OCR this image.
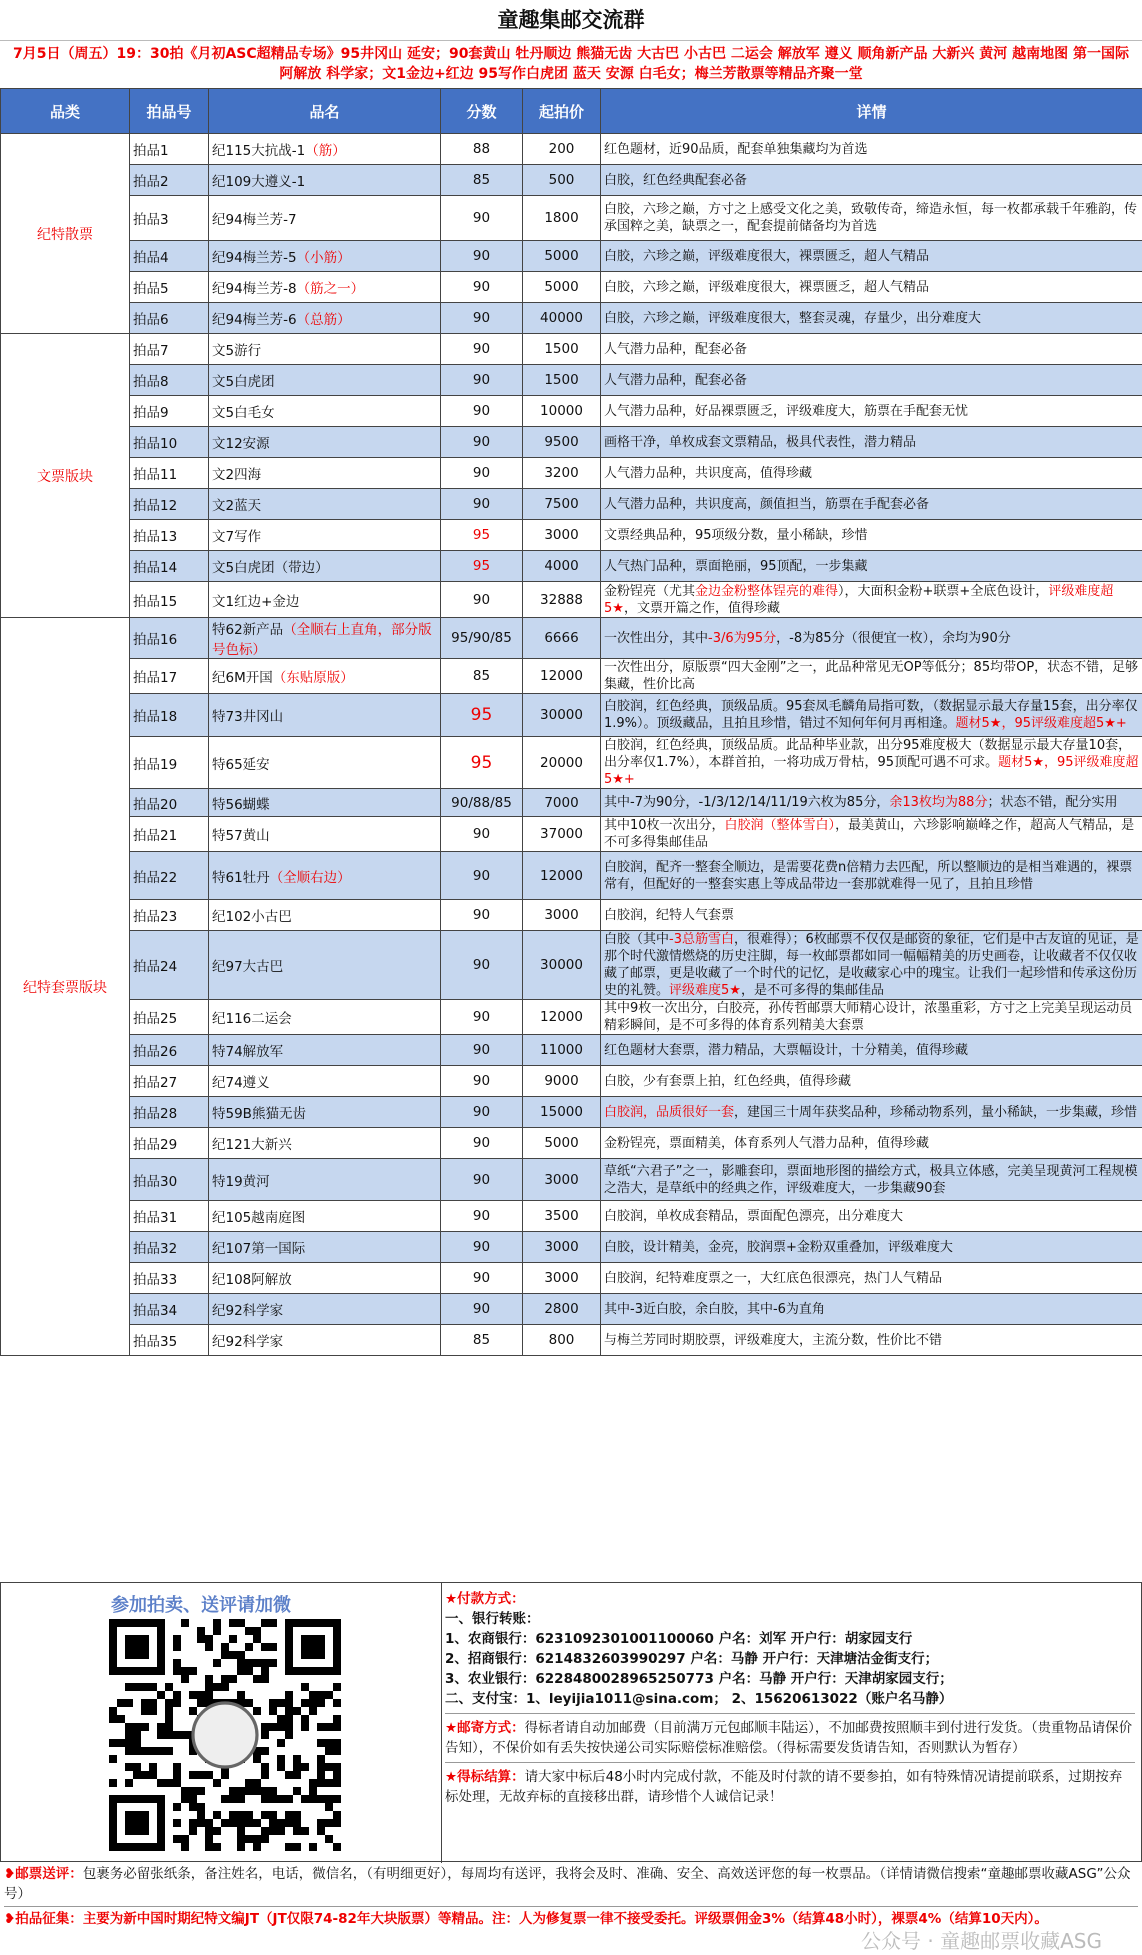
童趣集邮交流群
7月5日（周五）19：30拍《月初ASC超精品专场》95井冈山 延安；90套黄山 牡丹顺边 熊猫无齿 大古巴 小古巴 二运会 解放军 遵义 顺角新产品 大新兴 黄河 越南地图 第一国际 阿解放 科学家；文1金边+红边 95写作白虎团 蓝天 安源 白毛女；梅兰芳散票等精品齐聚一堂
品类	拍品号	品名	分数	起拍价	详情
纪特散票	拍品1	纪115大抗战-1（筋）	88	200	红色题材，近90品质，配套单独集藏均为首选
	拍品2	纪109大遵义-1	85	500	白胶，红色经典配套必备
	拍品3	纪94梅兰芳-7	90	1800	白胶，六珍之巅，方寸之上感受文化之美，致敬传奇，缔造永恒，每一枚都承载千年雅韵，传承国粹之美，缺票之一，配套提前储备均为首选
	拍品4	纪94梅兰芳-5（小筋）	90	5000	白胶，六珍之巅，评级难度很大，裸票匮乏，超人气精品
	拍品5	纪94梅兰芳-8（筋之一）	90	5000	白胶，六珍之巅，评级难度很大，裸票匮乏，超人气精品
	拍品6	纪94梅兰芳-6（总筋）	90	40000	白胶，六珍之巅，评级难度很大，整套灵魂，存量少，出分难度大
文票版块	拍品7	文5游行	90	1500	人气潜力品种，配套必备
	拍品8	文5白虎团	90	1500	人气潜力品种，配套必备
	拍品9	文5白毛女	90	10000	人气潜力品种，好品裸票匮乏，评级难度大，筋票在手配套无忧
	拍品10	文12安源	90	9500	画格干净，单枚成套文票精品，极具代表性，潜力精品
	拍品11	文2四海	90	3200	人气潜力品种，共识度高，值得珍藏
	拍品12	文2蓝天	90	7500	人气潜力品种，共识度高，颜值担当，筋票在手配套必备
	拍品13	文7写作	95	3000	文票经典品种，95项级分数，量小稀缺，珍惜
	拍品14	文5白虎团（带边）	95	4000	人气热门品种，票面艳丽，95顶配，一步集藏
	拍品15	文1红边+金边	90	32888	金粉锃亮（尤其金边金粉整体锃亮的难得），大面积金粉+联票+全底色设计，评级难度超5★，文票开篇之作，值得珍藏
纪特套票版块	拍品16	特62新产品（全顺右上直角，部分版号色标）	95/90/85	6666	一次性出分，其中-3/6为95分，-8为85分（很便宜一枚），余均为90分
	拍品17	纪6M开国（东贴原版）	85	12000	一次性出分，原版票“四大金刚”之一，此品种常见无OP等低分；85均带OP，状态不错，足够集藏，性价比高
	拍品18	特73井冈山	95	30000	白胶润，红色经典，顶级品质。95套凤毛麟角局指可数，（数据显示最大存量15套，出分率仅1.9%）。顶级藏品，且拍且珍惜，错过不知何年何月再相逢。题材5★，95评级难度超5★+
	拍品19	特65延安	95	20000	白胶润，红色经典，顶级品质。此品种毕业款，出分95难度极大（数据显示最大存量10套，出分率仅1.7%），本群首拍，一将功成万骨枯，95顶配可遇不可求。题材5★，95评级难度超5★+
	拍品20	特56蝴蝶	90/88/85	7000	其中-7为90分，-1/3/12/14/11/19六枚为85分，余13枚均为88分；状态不错，配分实用
	拍品21	特57黄山	90	37000	其中10枚一次出分，白胶润（整体雪白），最美黄山，六珍影响巅峰之作，超高人气精品，是不可多得集邮佳品
	拍品22	特61牡丹（全顺右边）	90	12000	白胶润，配齐一整套全顺边，是需要花费n倍精力去匹配，所以整顺边的是相当难遇的，裸票常有，但配好的一整套实惠上等成品带边一套那就难得一见了，且拍且珍惜
	拍品23	纪102小古巴	90	3000	白胶润，纪特人气套票
	拍品24	纪97大古巴	90	30000	白胶（其中-3总筋雪白，很难得）；6枚邮票不仅仅是邮资的象征，它们是中古友谊的见证，是那个时代激情燃烧的历史注脚，每一枚邮票都如同一幅幅精美的历史画卷，让收藏者不仅仅收藏了邮票，更是收藏了一个时代的记忆，是收藏家心中的瑰宝。让我们一起珍惜和传承这份历史的礼赞。评级难度5★，是不可多得的集邮佳品
	拍品25	纪116二运会	90	12000	其中9枚一次出分，白胶亮，孙传哲邮票大师精心设计，浓墨重彩，方寸之上完美呈现运动员精彩瞬间，是不可多得的体育系列精美大套票
	拍品26	特74解放军	90	11000	红色题材大套票，潜力精品，大票幅设计，十分精美，值得珍藏
	拍品27	纪74遵义	90	9000	白胶，少有套票上拍，红色经典，值得珍藏
	拍品28	特59B熊猫无齿	90	15000	白胶润，品质很好一套，建国三十周年获奖品种，珍稀动物系列，量小稀缺，一步集藏，珍惜
	拍品29	纪121大新兴	90	5000	金粉锃亮，票面精美，体育系列人气潜力品种，值得珍藏
	拍品30	特19黄河	90	3000	草纸“六君子”之一，影雕套印，票面地形图的描绘方式，极具立体感，完美呈现黄河工程规模之浩大，是草纸中的经典之作，评级难度大，一步集藏90套
	拍品31	纪105越南庭图	90	3500	白胶润，单枚成套精品，票面配色漂亮，出分难度大
	拍品32	纪107第一国际	90	3000	白胶，设计精美，金亮，胶润票+金粉双重叠加，评级难度大
	拍品33	纪108阿解放	90	3000	白胶润，纪特难度票之一，大红底色很漂亮，热门人气精品
	拍品34	纪92科学家	90	2800	其中-3近白胶，余白胶，其中-6为直角
	拍品35	纪92科学家	85	800	与梅兰芳同时期胶票，评级难度大，主流分数，性价比不错
参加拍卖、送评请加微	★付款方式：
一、银行转账：
1、农商银行：6231092301001100060 户名：刘军 开户行：胡家园支行
2、招商银行：6214832603990297 户名：马静 开户行：天津塘沽金街支行；
3、农业银行：6228480028965250773 户名：马静 开户行：天津胡家园支行；
二、支付宝：1、leyijia1011@sina.com； 2、15620613022（账户名马静）
★邮寄方式：得标者请自动加邮费（目前满万元包邮顺丰陆运），不加邮费按照顺丰到付进行发货。（贵重物品请保价告知），不保价如有丢失按快递公司实际赔偿标准赔偿。（得标需要发货请告知，否则默认为暂存）
★得标结算：请大家中标后48小时内完成付款，不能及时付款的请不要参拍，如有特殊情况请提前联系，过期按弃标处理，无故弃标的直接移出群，请珍惜个人诚信记录！
❥邮票送评：包裹务必留张纸条，备注姓名，电话，微信名，（有明细更好），每周均有送评，我将会及时、准确、安全、高效送评您的每一枚票品。（详情请微信搜索“童趣邮票收藏ASG”公众号）
❥拍品征集：主要为新中国时期纪特文编JT（JT仅限74-82年大块版票）等精品。注：人为修复票一律不接受委托。评级票佣金3%（结算48小时），裸票4%（结算10天内）。
公众号 · 童趣邮票收藏ASG
